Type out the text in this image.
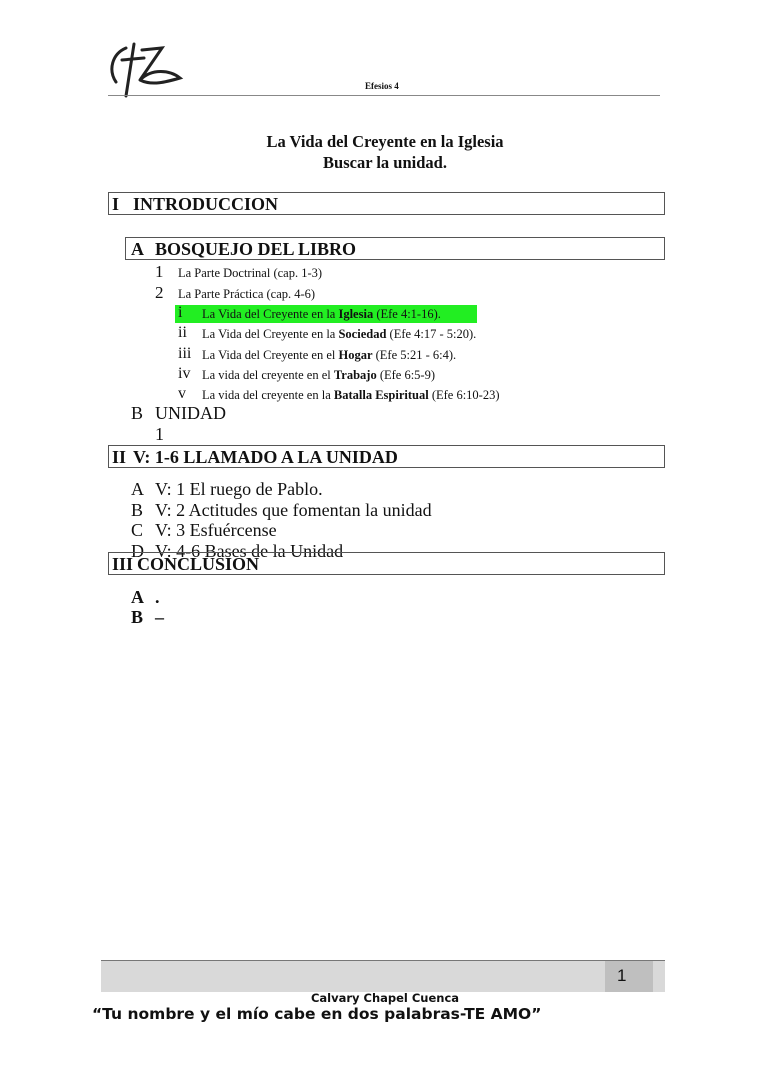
Efesios 4
La Vida del Creyente en la Iglesia
Buscar la unidad.
I INTRODUCCION
A BOSQUEJO DEL LIBRO
1 La Parte Doctrinal (cap. 1-3)
2 La Parte Práctica (cap. 4-6)
i La Vida del Creyente en la Iglesia (Efe 4:1-16).
ii La Vida del Creyente en la Sociedad (Efe 4:17 - 5:20).
iii La Vida del Creyente en el Hogar (Efe 5:21 - 6:4).
iv La vida del creyente en el Trabajo (Efe 6:5-9)
v La vida del creyente en la Batalla Espiritual (Efe 6:10-23)
B UNIDAD
1
II V: 1-6 LLAMADO A LA UNIDAD
A V: 1 El ruego de Pablo.
B V: 2 Actitudes que fomentan la unidad
C V: 3 Esfuércense
D V: 4-6 Bases de la Unidad
III CONCLUSION
A .
B –
1
Calvary Chapel Cuenca
“Tu nombre y el mío cabe en dos palabras-TE AMO”
